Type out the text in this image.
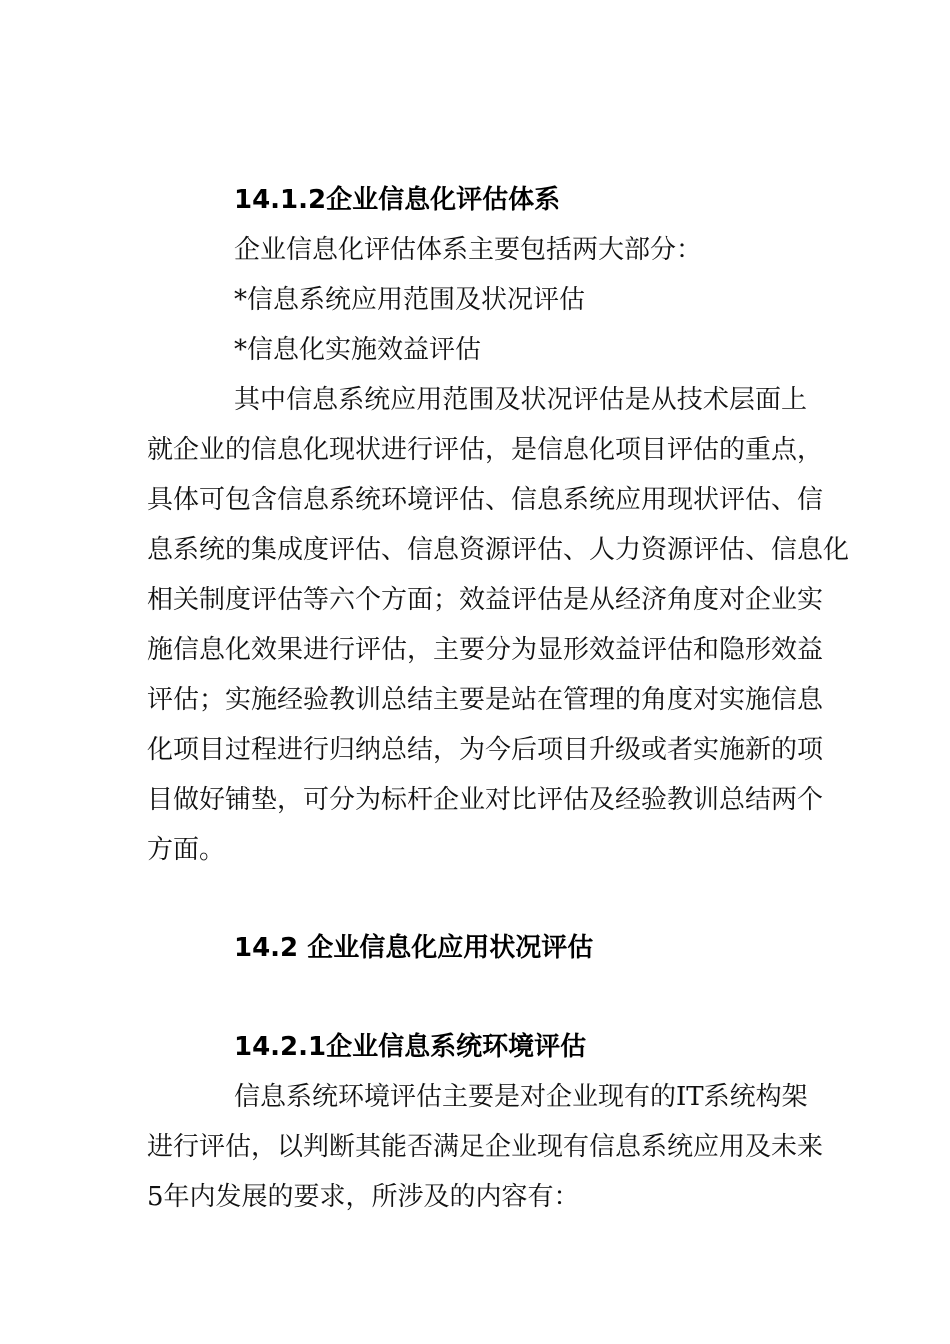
14.1.2企业信息化评估体系
企业信息化评估体系主要包括两大部分：
*信息系统应用范围及状况评估
*信息化实施效益评估
其中信息系统应用范围及状况评估是从技术层面上
就企业的信息化现状进行评估，是信息化项目评估的重点，
具体可包含信息系统环境评估、信息系统应用现状评估、信
息系统的集成度评估、信息资源评估、人力资源评估、信息化
相关制度评估等六个方面；效益评估是从经济角度对企业实
施信息化效果进行评估，主要分为显形效益评估和隐形效益
评估；实施经验教训总结主要是站在管理的角度对实施信息
化项目过程进行归纳总结，为今后项目升级或者实施新的项
目做好铺垫，可分为标杆企业对比评估及经验教训总结两个
方面。
14.2 企业信息化应用状况评估
14.2.1企业信息系统环境评估
信息系统环境评估主要是对企业现有的IT系统构架
进行评估，以判断其能否满足企业现有信息系统应用及未来
5年内发展的要求，所涉及的内容有：
